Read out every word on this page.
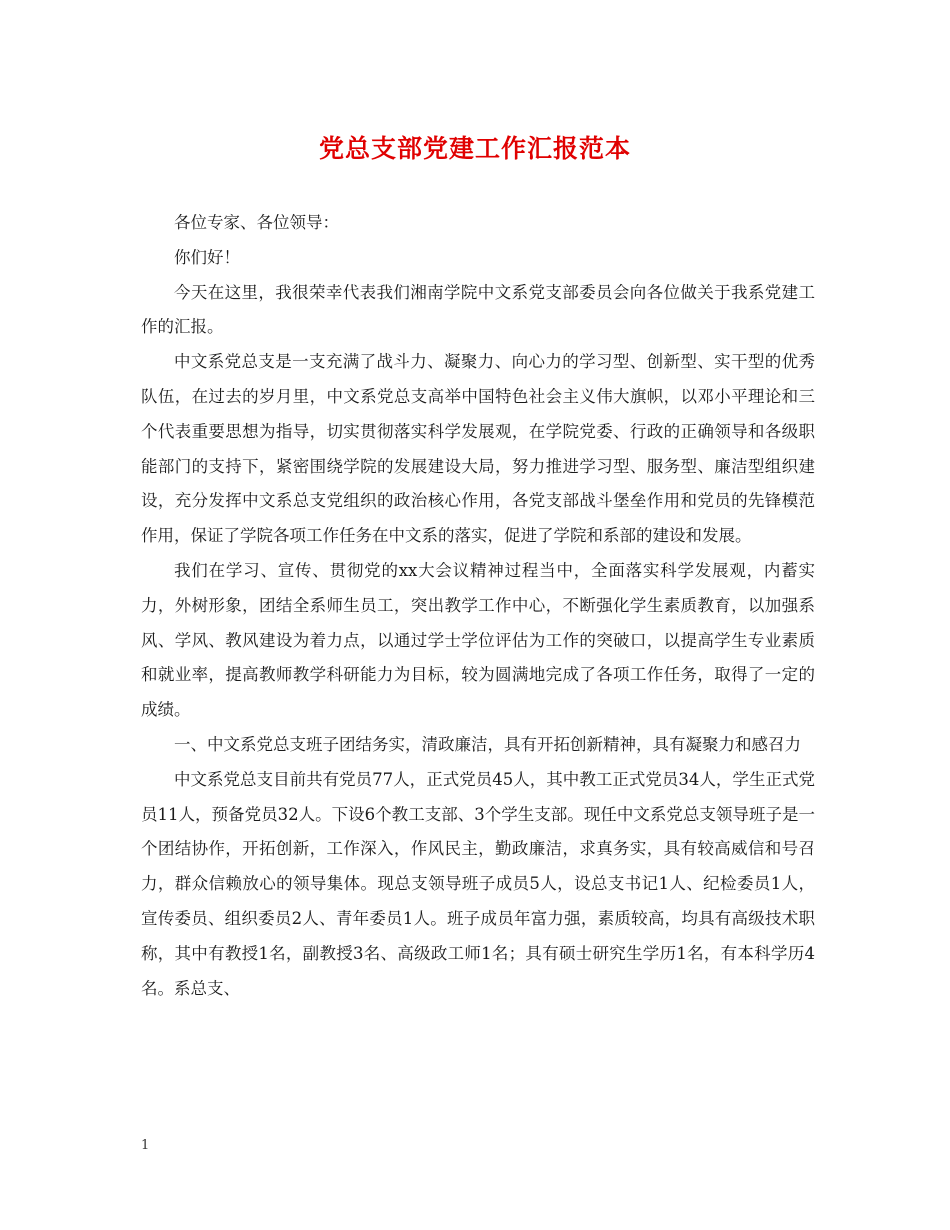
党总支部党建工作汇报范本

各位专家、各位领导：

你们好！

今天在这里，我很荣幸代表我们湘南学院中文系党支部委员会向各位做关于我系党建工作的汇报。

中文系党总支是一支充满了战斗力、凝聚力、向心力的学习型、创新型、实干型的优秀队伍，在过去的岁月里，中文系党总支高举中国特色社会主义伟大旗帜，以邓小平理论和三个代表重要思想为指导，切实贯彻落实科学发展观，在学院党委、行政的正确领导和各级职能部门的支持下，紧密围绕学院的发展建设大局，努力推进学习型、服务型、廉洁型组织建设，充分发挥中文系总支党组织的政治核心作用，各党支部战斗堡垒作用和党员的先锋模范作用，保证了学院各项工作任务在中文系的落实，促进了学院和系部的建设和发展。

我们在学习、宣传、贯彻党的xx大会议精神过程当中，全面落实科学发展观，内蓄实力，外树形象，团结全系师生员工，突出教学工作中心，不断强化学生素质教育，以加强系风、学风、教风建设为着力点，以通过学士学位评估为工作的突破口，以提高学生专业素质和就业率，提高教师教学科研能力为目标，较为圆满地完成了各项工作任务，取得了一定的成绩。

一、中文系党总支班子团结务实，清政廉洁，具有开拓创新精神，具有凝聚力和感召力

中文系党总支目前共有党员77人，正式党员45人，其中教工正式党员34人，学生正式党员11人，预备党员32人。下设6个教工支部、3个学生支部。现任中文系党总支领导班子是一个团结协作，开拓创新，工作深入，作风民主，勤政廉洁，求真务实，具有较高威信和号召力，群众信赖放心的领导集体。现总支领导班子成员5人，设总支书记1人、纪检委员1人，宣传委员、组织委员2人、青年委员1人。班子成员年富力强，素质较高，均具有高级技术职称，其中有教授1名，副教授3名、高级政工师1名；具有硕士研究生学历1名，有本科学历4名。系总支、

1
